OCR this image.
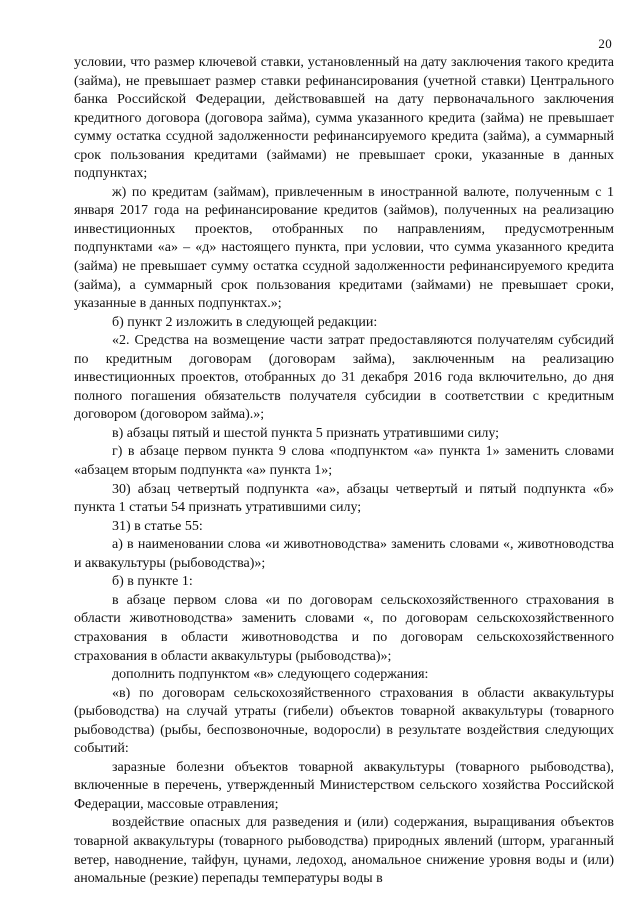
20

условии, что размер ключевой ставки, установленный на дату заключения такого кредита (займа), не превышает размер ставки рефинансирования (учетной ставки) Центрального банка Российской Федерации, действовавшей на дату первоначального заключения кредитного договора (договора займа), сумма указанного кредита (займа) не превышает сумму остатка ссудной задолженности рефинансируемого кредита (займа), а суммарный срок пользования кредитами (займами) не превышает сроки, указанные в данных подпунктах;

ж) по кредитам (займам), привлеченным в иностранной валюте, полученным с 1 января 2017 года на рефинансирование кредитов (займов), полученных на реализацию инвестиционных проектов, отобранных по направлениям, предусмотренным подпунктами «а» – «д» настоящего пункта, при условии, что сумма указанного кредита (займа) не превышает сумму остатка ссудной задолженности рефинансируемого кредита (займа), а суммарный срок пользования кредитами (займами) не превышает сроки, указанные в данных подпунктах.»;

б) пункт 2 изложить в следующей редакции:

«2. Средства на возмещение части затрат предоставляются получателям субсидий по кредитным договорам (договорам займа), заключенным на реализацию инвестиционных проектов, отобранных до 31 декабря 2016 года включительно, до дня полного погашения обязательств получателя субсидии в соответствии с кредитным договором (договором займа).»;

в) абзацы пятый и шестой пункта 5 признать утратившими силу;

г) в абзаце первом пункта 9 слова «подпунктом «а» пункта 1» заменить словами «абзацем вторым подпункта «а» пункта 1»;

30) абзац четвертый подпункта «а», абзацы четвертый и пятый подпункта «б» пункта 1 статьи 54 признать утратившими силу;

31) в статье 55:

а) в наименовании слова «и животноводства» заменить словами «, животноводства и аквакультуры (рыбоводства)»;

б) в пункте 1:

в абзаце первом слова «и по договорам сельскохозяйственного страхования в области животноводства» заменить словами «, по договорам сельскохозяйственного страхования в области животноводства и по договорам сельскохозяйственного страхования в области аквакультуры (рыбоводства)»;

дополнить подпунктом «в» следующего содержания:

«в) по договорам сельскохозяйственного страхования в области аквакультуры (рыбоводства) на случай утраты (гибели) объектов товарной аквакультуры (товарного рыбоводства) (рыбы, беспозвоночные, водоросли) в результате воздействия следующих событий:

заразные болезни объектов товарной аквакультуры (товарного рыбоводства), включенные в перечень, утвержденный Министерством сельского хозяйства Российской Федерации, массовые отравления;

воздействие опасных для разведения и (или) содержания, выращивания объектов товарной аквакультуры (товарного рыбоводства) природных явлений (шторм, ураганный ветер, наводнение, тайфун, цунами, ледоход, аномальное снижение уровня воды и (или) аномальные (резкие) перепады температуры воды в
